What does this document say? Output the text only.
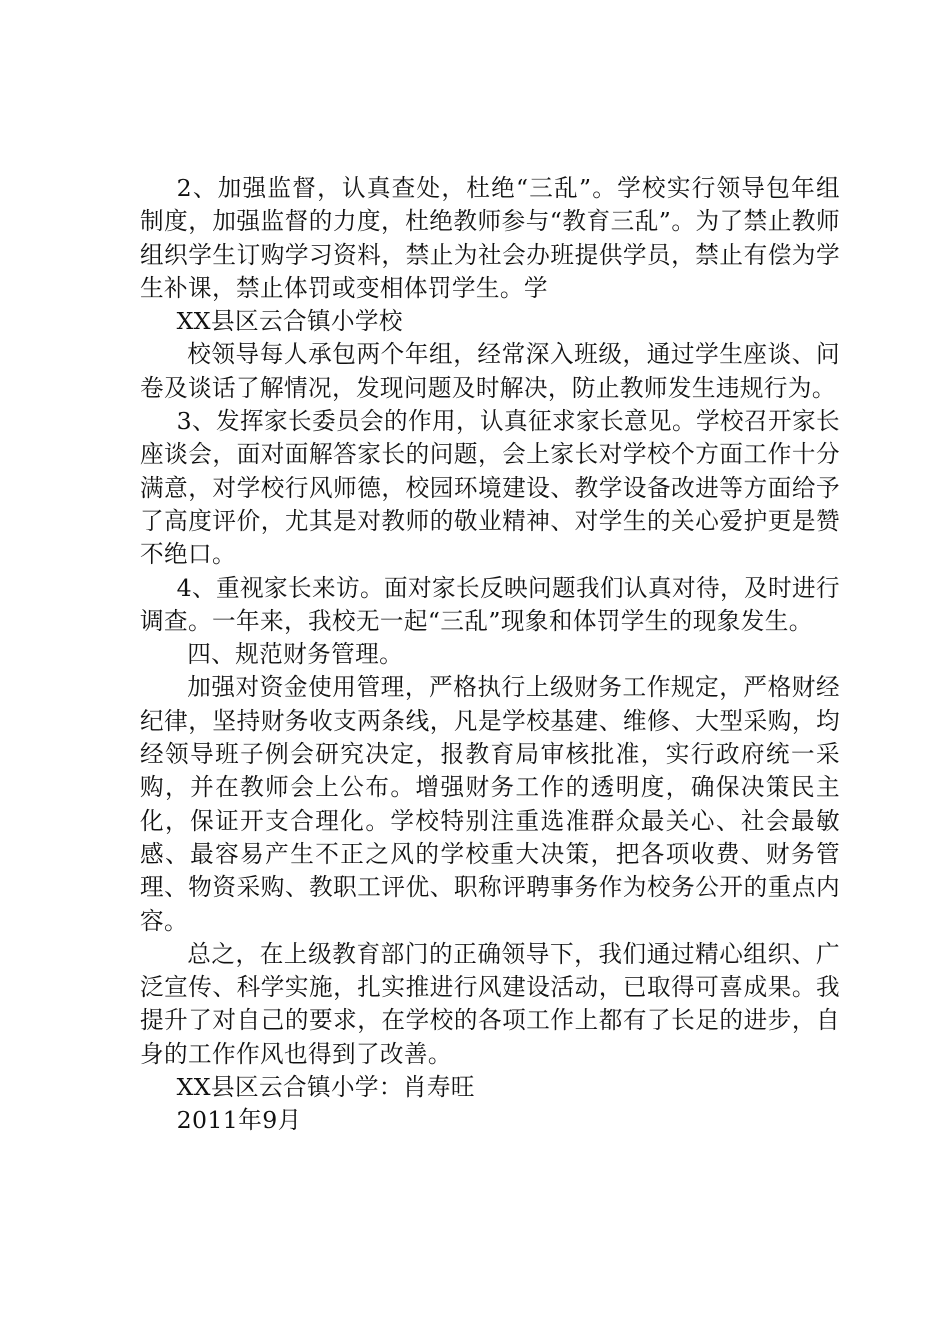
2、加强监督，认真查处，杜绝“三乱”。学校实行领导包年组制度，加强监督的力度，杜绝教师参与“教育三乱”。为了禁止教师组织学生订购学习资料，禁止为社会办班提供学员，禁止有偿为学生补课，禁止体罚或变相体罚学生。学

XX县区云合镇小学校

校领导每人承包两个年组，经常深入班级，通过学生座谈、问卷及谈话了解情况，发现问题及时解决，防止教师发生违规行为。

3、发挥家长委员会的作用，认真征求家长意见。学校召开家长座谈会，面对面解答家长的问题，会上家长对学校个方面工作十分满意，对学校行风师德，校园环境建设、教学设备改进等方面给予了高度评价，尤其是对教师的敬业精神、对学生的关心爱护更是赞不绝口。

4、重视家长来访。面对家长反映问题我们认真对待，及时进行调查。一年来，我校无一起“三乱”现象和体罚学生的现象发生。

四、规范财务管理。

加强对资金使用管理，严格执行上级财务工作规定，严格财经纪律，坚持财务收支两条线，凡是学校基建、维修、大型采购，均经领导班子例会研究决定，报教育局审核批准，实行政府统一采购，并在教师会上公布。增强财务工作的透明度，确保决策民主化，保证开支合理化。学校特别注重选准群众最关心、社会最敏感、最容易产生不正之风的学校重大决策，把各项收费、财务管理、物资采购、教职工评优、职称评聘事务作为校务公开的重点内容。

总之，在上级教育部门的正确领导下，我们通过精心组织、广泛宣传、科学实施，扎实推进行风建设活动，已取得可喜成果。我提升了对自己的要求，在学校的各项工作上都有了长足的进步，自身的工作作风也得到了改善。

XX县区云合镇小学：肖寿旺

2011年9月
